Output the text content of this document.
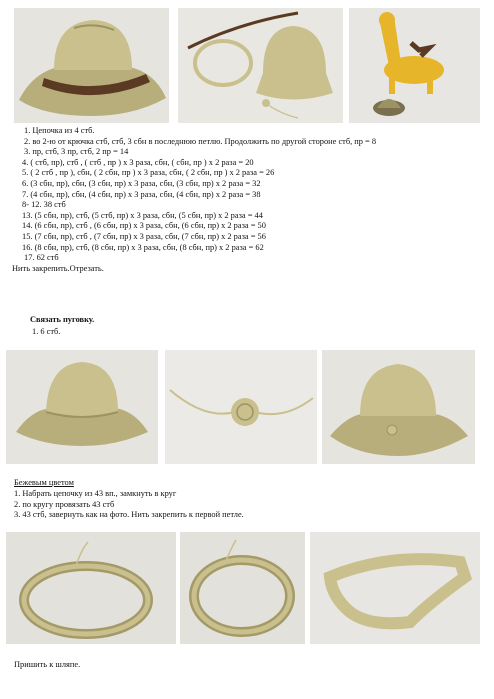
1. Цепочка из 4 стб.
2. во 2-ю от крючка стб, стб, 3 сбн в последнюю петлю. Продолжить по другой стороне стб, пр = 8
3. пр, стб, 3 пр, стб, 2 пр = 14
4. ( стб, пр), стб , ( стб , пр ) х 3 раза, сбн, ( сбн, пр ) х 2 раза = 20
5. ( 2 стб , пр ), сбн, ( 2 сбн, пр ) х 3 раза, сбн, ( 2 сбн, пр ) х 2 раза = 26
6. (3 сбн, пр), сбн, (3 сбн, пр) х 3 раза, сбн, (3 сбн, пр) х 2 раза = 32
7. (4 сбн, пр), сбн, (4 сбн, пр) х 3 раза, сбн, (4 сбн, пр) х 2 раза = 38
8- 12. 38 стб
13. (5 сбн, пр), стб, (5 стб, пр) х 3 раза, сбн, (5 сбн, пр) х 2 раза = 44
14. (6 сбн, пр), стб , (6 сбн, пр) х 3 раза, сбн, (6 сбн, пр) х 2 раза = 50
15. (7 сбн, пр), стб , (7 сбн, пр) х 3 раза, сбн, (7 сбн, пр) х 2 раза = 56
16. (8 сбн, пр), стб, (8 сбн, пр) х 3 раза, сбн, (8 сбн, пр) х 2 раза = 62
17. 62 стб
Нить закрепить.Отрезать.
Связать пуговку.
1. 6 стб.
Бежевым цветом
1. Набрать цепочку из 43 вп., замкнуть в круг
2. по кругу провязать 43 стб
3. 43 стб, завернуть как на фото. Нить закрепить к первой петле.
Пришить к шляпе.
